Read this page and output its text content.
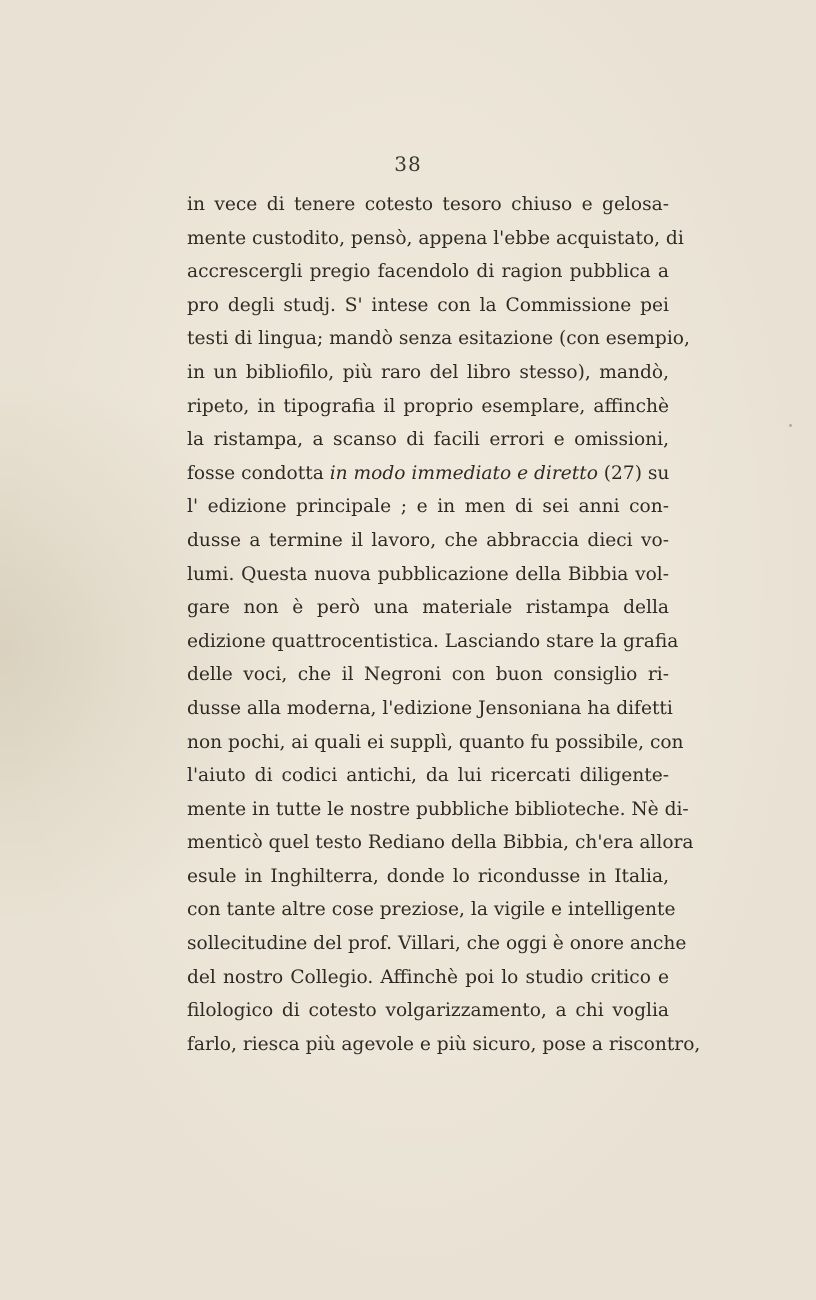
38
in vece di tenere cotesto tesoro chiuso e gelosa-
mente custodito, pensò, appena l'ebbe acquistato, di
accrescergli pregio facendolo di ragion pubblica a
pro degli studj. S' intese con la Commissione pei
testi di lingua; mandò senza esitazione (con esempio,
in un bibliofilo, più raro del libro stesso), mandò,
ripeto, in tipografia il proprio esemplare, affinchè
la ristampa, a scanso di facili errori e omissioni,
fosse condotta in modo immediato e diretto (27) su
l' edizione principale ; e in men di sei anni con-
dusse a termine il lavoro, che abbraccia dieci vo-
lumi. Questa nuova pubblicazione della Bibbia vol-
gare non è però una materiale ristampa della
edizione quattrocentistica. Lasciando stare la grafia
delle voci, che il Negroni con buon consiglio ri-
dusse alla moderna, l'edizione Jensoniana ha difetti
non pochi, ai quali ei supplì, quanto fu possibile, con
l'aiuto di codici antichi, da lui ricercati diligente-
mente in tutte le nostre pubbliche biblioteche. Nè di-
menticò quel testo Rediano della Bibbia, ch'era allora
esule in Inghilterra, donde lo ricondusse in Italia,
con tante altre cose preziose, la vigile e intelligente
sollecitudine del prof. Villari, che oggi è onore anche
del nostro Collegio. Affinchè poi lo studio critico e
filologico di cotesto volgarizzamento, a chi voglia
farlo, riesca più agevole e più sicuro, pose a riscontro,
